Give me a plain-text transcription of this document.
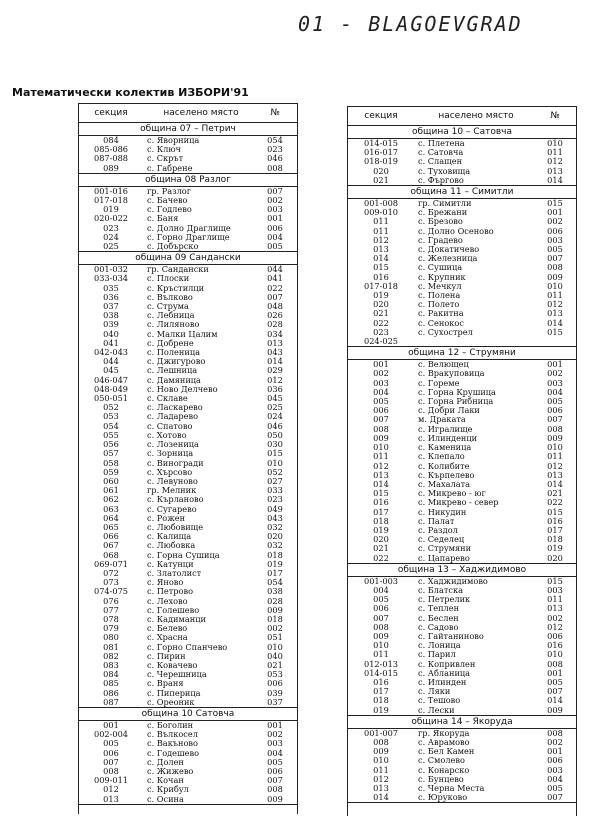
01 - BLAGOEVGRAD
Математически колектив ИЗБОРИ'91
секция	населено място	№
община 07 – Петрич
084	с. Яворница	054
085-086	с. Ключ	023
087-088	с. Скрът	046
089	с. Габрене	008
община 08 Разлог
001-016	гр. Разлог	007
017-018	с. Бачево	002
019	с. Годлево	003
020-022	с. Баня	001
023	с. Долно Драглище	006
024	с. Горно Драглище	004
025	с. Добърско	005
община 09 Сандански
001-032	гр. Сандански	044
033-034	с. Плоски	041
035	с. Кръстилци	022
036	с. Вълково	007
037	с. Струма	048
038	с. Лебница	026
039	с. Лиляново	028
040	с. Малки Цалим	034
041	с. Добрене	013
042-043	с. Поленица	043
044	с. Джигурово	014
045	с. Лешница	029
046-047	с. Дамяница	012
048-049	с. Ново Делчево	036
050-051	с. Склаве	045
052	с. Ласкарево	025
053	с. Ладарево	024
054	с. Спатово	046
055	с. Хотово	050
056	с. Лозеница	030
057	с. Зорница	015
058	с. Виногради	010
059	с. Хърсово	052
060	с. Левуново	027
061	гр. Мелник	033
062	с. Кърланово	023
063	с. Сугарево	049
064	с. Рожен	043
065	с. Любовище	032
066	с. Калища	020
067	с. Любовка	032
068	с. Горна Сушица	018
069-071	с. Катунци	019
072	с. Златолист	017
073	с. Яново	054
074-075	с. Петрово	038
076	с. Лехово	028
077	с. Голешево	009
078	с. Кадиманци	018
079	с. Белево	002
080	с. Храсна	051
081	с. Горно Спанчево	010
082	с. Пирин	040
083	с. Ковачево	021
084	с. Черешница	053
085	с. Враня	006
086	с. Пиперица	039
087	с. Ореоник	037
община 10 Сатовча
001	с. Боголин	001
002-004	с. Вълкосел	002
005	с. Вакъново	003
006	с. Годешево	004
007	с. Долен	005
008	с. Жижево	006
009-011	с. Кочан	007
012	с. Крибул	008
013	с. Осина	009
секция	населено място	№
община 10 – Сатовча
014-015	с. Плетена	010
016-017	с. Сатовча	011
018-019	с. Слащен	012
020	с. Туховища	013
021	с. Фъргово	014
община 11 – Симитли
001-008	гр. Симитли	015
009-010	с. Брежани	001
011	с. Брезово	002
011	с. Долно Осеново	006
012	с. Градево	003
013	с. Докатичево	005
014	с. Железница	007
015	с. Сушица	008
016	с. Крупник	009
017-018	с. Мечкул	010
019	с. Полена	011
020	с. Полето	012
021	с. Ракитна	013
022	с. Сенокос	014
023	с. Сухострел	015
024-025
община 12 – Струмяни
001	с. Велющец	001
002	с. Вракуповица	002
003	с. Гореме	003
004	с. Горна Крушица	004
005	с. Горна Рибница	005
006	с. Добри Лаки	006
007	м. Драката	007
008	с. Игралище	008
009	с. Илинденци	009
010	с. Каменица	010
011	с. Клепало	011
012	с. Колибите	012
013	с. Кърпелево	013
014	с. Махалата	014
015	с. Микрево - юг	021
016	с. Микрево - север	022
017	с. Никудин	015
018	с. Палат	016
019	с. Раздол	017
020	с. Седелец	018
021	с. Струмяни	019
022	с. Цапарево	020
община 13 – Хаджидимово
001-003	с. Хаджидимово	015
004	с. Блатска	003
005	с. Петрелик	011
006	с. Теплен	013
007	с. Беслен	002
008	с. Садово	012
009	с. Гайтаниново	006
010	с. Лоница	016
011	с. Парил	010
012-013	с. Копривлен	008
014-015	с. Абланица	001
016	с. Илинден	005
017	с. Ляки	007
018	с. Тешово	014
019	с. Лески	009
община 14 – Якоруда
001-007	гр. Якоруда	008
008	с. Аврамово	002
009	с. Бел Камен	001
010	с. Смолево	006
011	с. Конарско	003
012	с. Бунцево	004
013	с. Черна Места	005
014	с. Юруково	007
